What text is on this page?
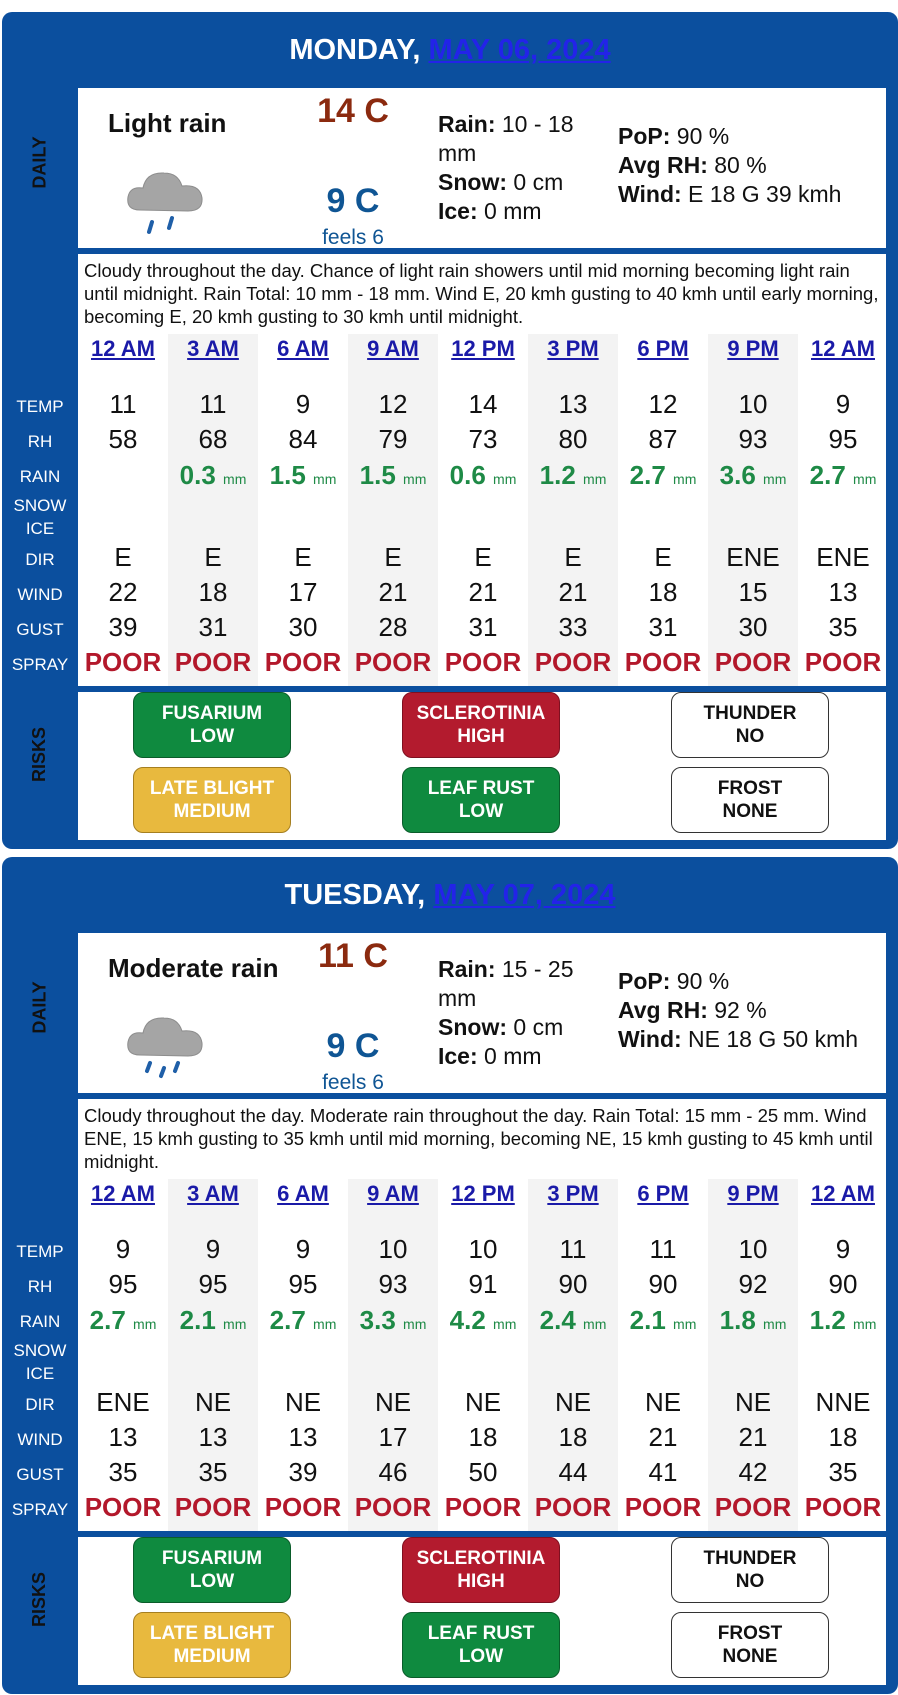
MONDAY, MAY 06, 2024
DAILY
RISKS
Light rain	14 C
9 C
feels 6
Rain: 10 - 18 mm
Snow: 0 cm
Ice: 0 mm
PoP: 90 %
Avg RH: 80 %
Wind: E 18 G 39 kmh
Cloudy throughout the day. Chance of light rain showers until mid morning becoming light rain until midnight. Rain Total: 10 mm - 18 mm. Wind E, 20 kmh gusting to 40 kmh until early morning, becoming E, 20 kmh gusting to 30 kmh until midnight.
TEMP
RH
RAIN
SNOW
ICE
DIR
WIND
GUST
SPRAY
12 AM
11
58
E
22
39
POOR
3 AM
11
68
0.3 mm
E
18
31
POOR
6 AM
9
84
1.5 mm
E
17
30
POOR
9 AM
12
79
1.5 mm
E
21
28
POOR
12 PM
14
73
0.6 mm
E
21
31
POOR
3 PM
13
80
1.2 mm
E
21
33
POOR
6 PM
12
87
2.7 mm
E
18
31
POOR
9 PM
10
93
3.6 mm
ENE
15
30
POOR
12 AM
9
95
2.7 mm
ENE
13
35
POOR
FUSARIUM
LOW
SCLEROTINIA
HIGH
THUNDER
NO
LATE BLIGHT
MEDIUM
LEAF RUST
LOW
FROST
NONE
TUESDAY, MAY 07, 2024
DAILY
RISKS
Moderate rain 11 C
9 C
feels 6
Rain: 15 - 25 mm
Snow: 0 cm
Ice: 0 mm
PoP: 90 %
Avg RH: 92 %
Wind: NE 18 G 50 kmh
Cloudy throughout the day. Moderate rain throughout the day. Rain Total: 15 mm - 25 mm. Wind ENE, 15 kmh gusting to 35 kmh until mid morning, becoming NE, 15 kmh gusting to 45 kmh until midnight.
TEMP
RH
RAIN
SNOW
ICE
DIR
WIND
GUST
SPRAY
12 AM
9
95
2.7 mm
ENE
13
35
POOR
3 AM
9
95
2.1 mm
NE
13
35
POOR
6 AM
9
95
2.7 mm
NE
13
39
POOR
9 AM
10
93
3.3 mm
NE
17
46
POOR
12 PM
10
91
4.2 mm
NE
18
50
POOR
3 PM
11
90
2.4 mm
NE
18
44
POOR
6 PM
11
90
2.1 mm
NE
21
41
POOR
9 PM
10
92
1.8 mm
NE
21
42
POOR
12 AM
9
90
1.2 mm
NNE
18
35
POOR
FUSARIUM
LOW
SCLEROTINIA
HIGH
THUNDER
NO
LATE BLIGHT
MEDIUM
LEAF RUST
LOW
FROST
NONE
